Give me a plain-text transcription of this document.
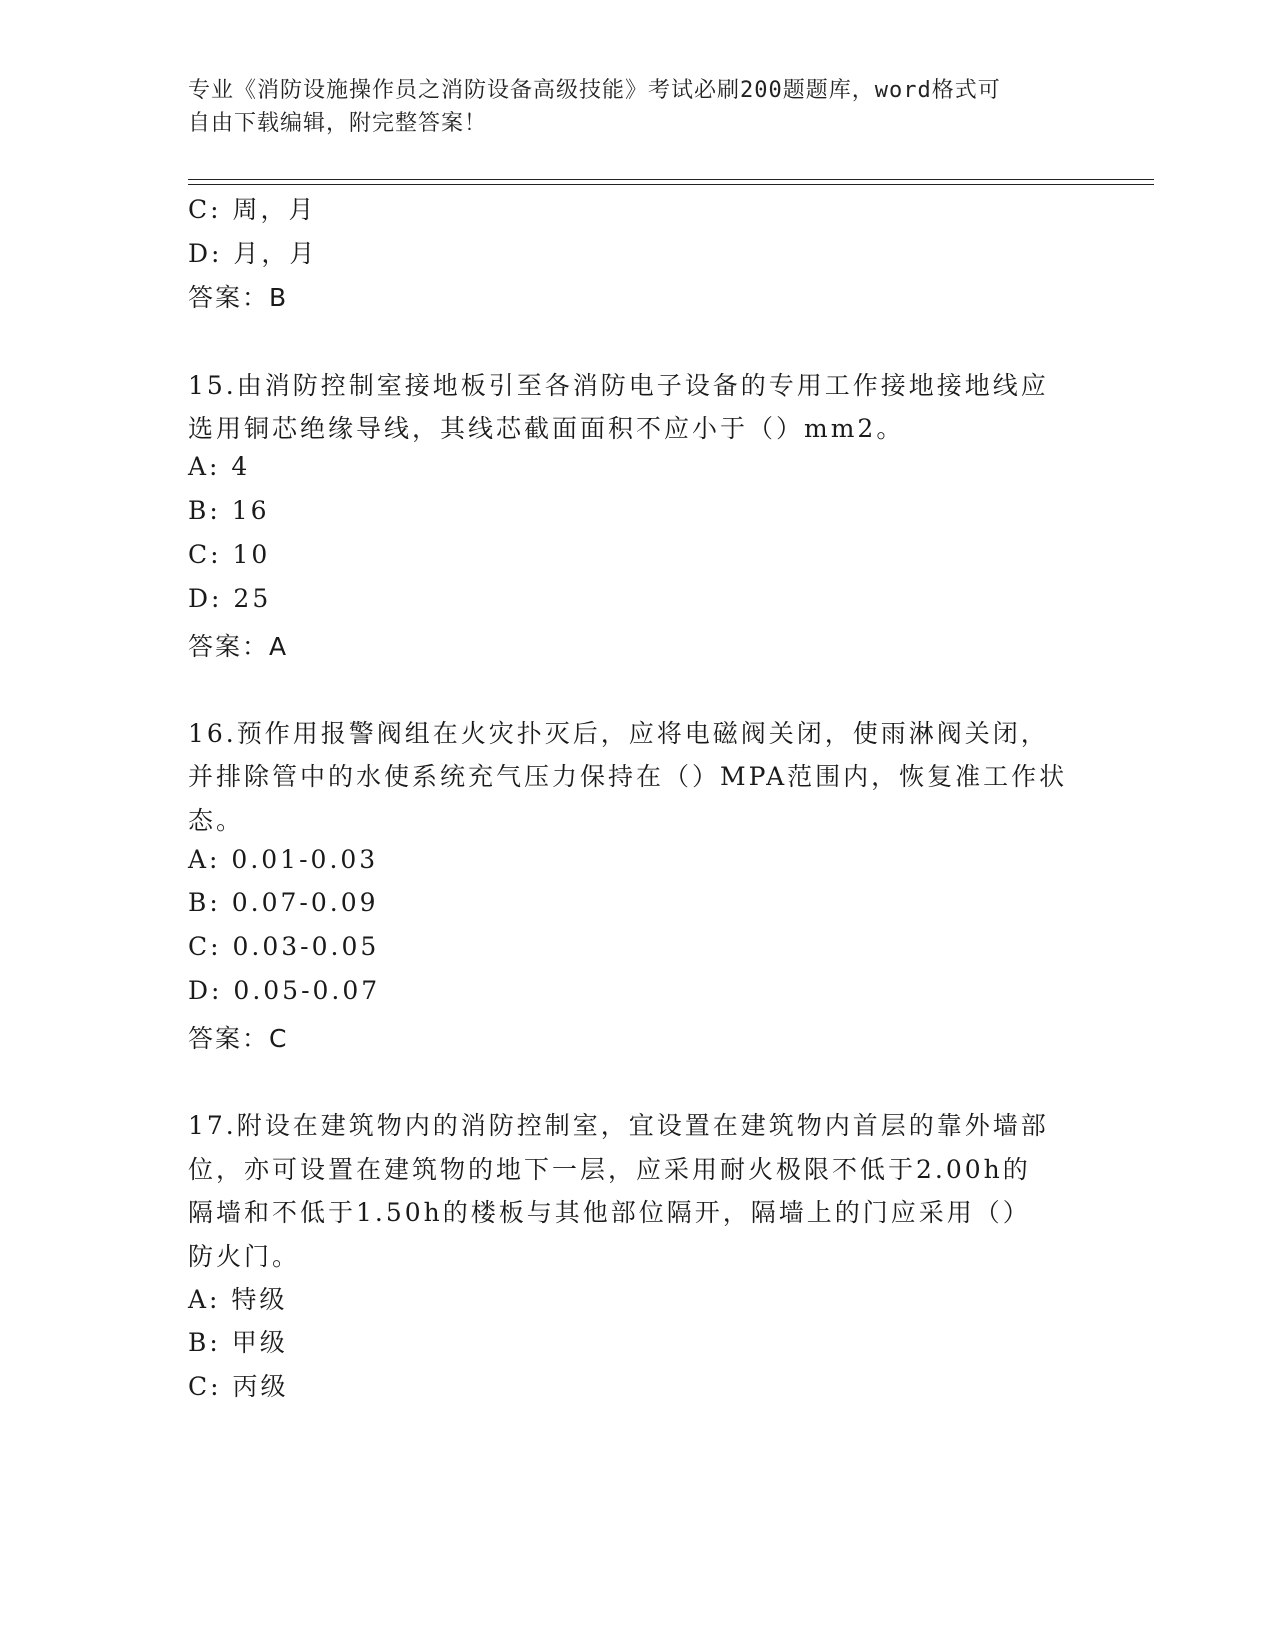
专业《消防设施操作员之消防设备高级技能》考试必刷200题题库，word格式可
自由下载编辑，附完整答案！
C: 周，月
D: 月，月
答案：B
15.由消防控制室接地板引至各消防电子设备的专用工作接地接地线应
选用铜芯绝缘导线，其线芯截面面积不应小于（）mm2。
A: 4
B: 16
C: 10
D: 25
答案：A
16.预作用报警阀组在火灾扑灭后，应将电磁阀关闭，使雨淋阀关闭，
并排除管中的水使系统充气压力保持在（）MPA范围内，恢复准工作状
态。
A: 0.01-0.03
B: 0.07-0.09
C: 0.03-0.05
D: 0.05-0.07
答案：C
17.附设在建筑物内的消防控制室，宜设置在建筑物内首层的靠外墙部
位，亦可设置在建筑物的地下一层，应采用耐火极限不低于2.00h的
隔墙和不低于1.50h的楼板与其他部位隔开，隔墙上的门应采用（）
防火门。
A: 特级
B: 甲级
C: 丙级
